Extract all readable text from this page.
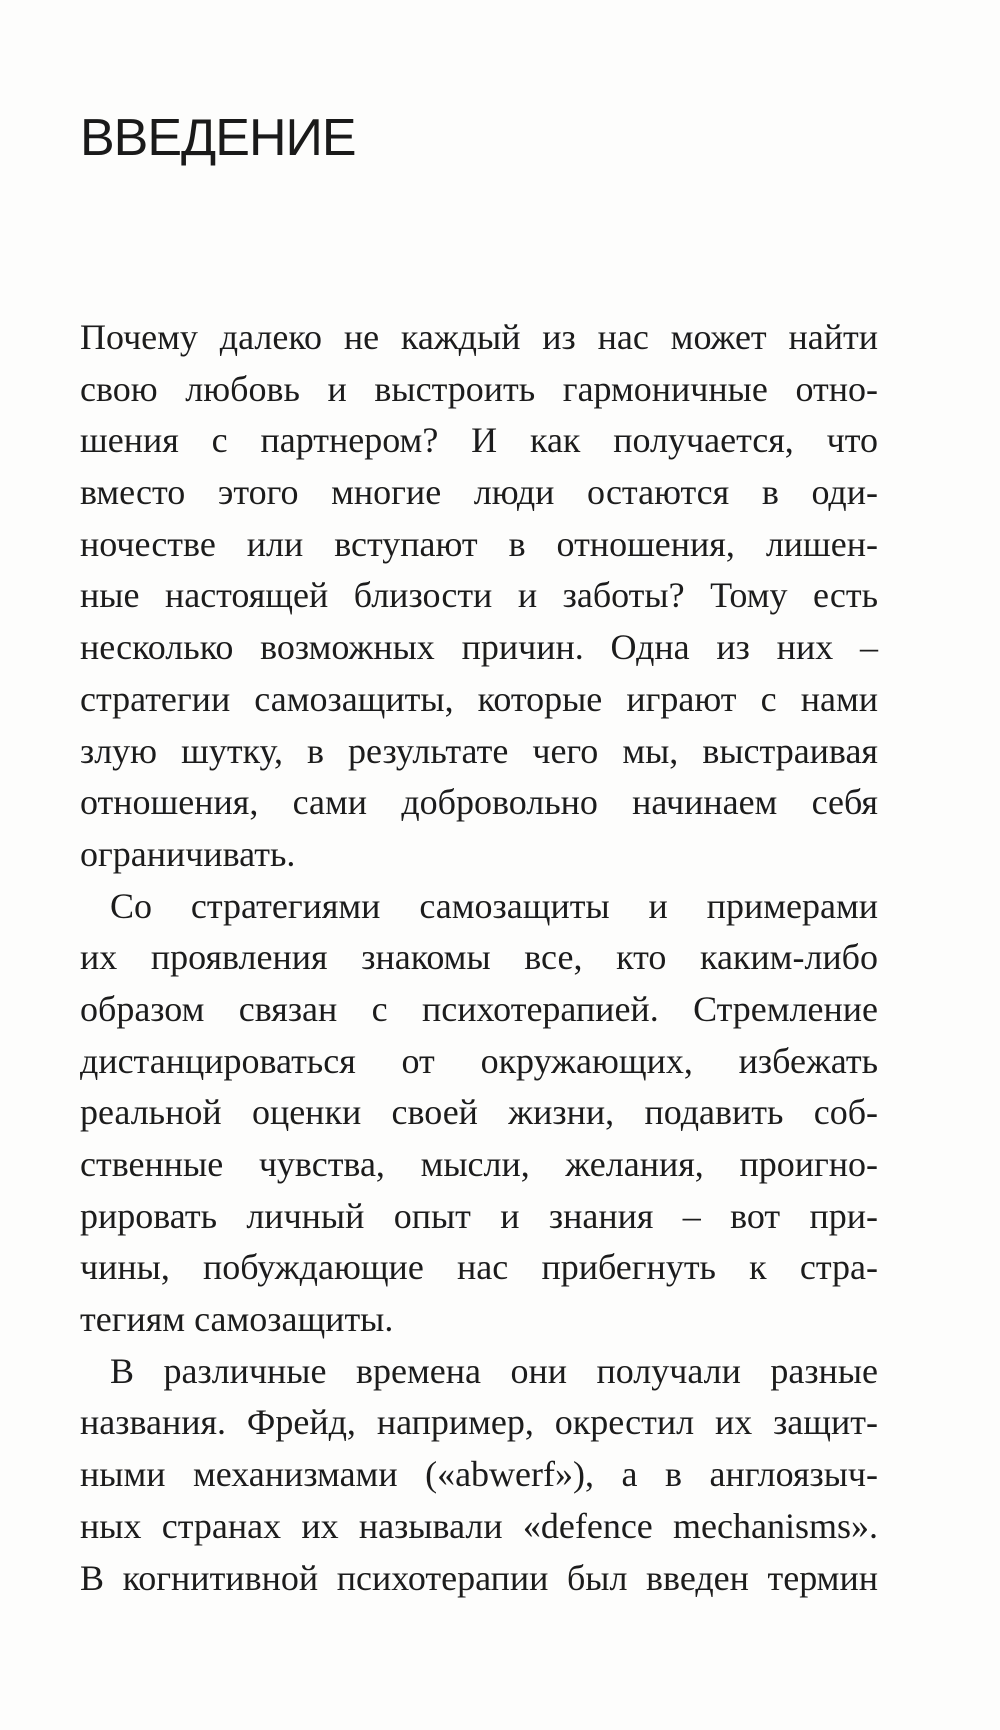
ВВЕДЕНИЕ
Почему далеко не каждый из нас может найти
свою любовь и выстроить гармоничные отно-
шения с партнером? И как получается, что
вместо этого многие люди остаются в оди-
ночестве или вступают в отношения, лишен-
ные настоящей близости и заботы? Тому есть
несколько возможных причин. Одна из них –
стратегии самозащиты, которые играют с нами
злую шутку, в результате чего мы, выстраивая
отношения, сами добровольно начинаем себя
ограничивать.
Со стратегиями самозащиты и примерами
их проявления знакомы все, кто каким-либо
образом связан с психотерапией. Стремление
дистанцироваться от окружающих, избежать
реальной оценки своей жизни, подавить соб-
ственные чувства, мысли, желания, проигно-
рировать личный опыт и знания – вот при-
чины, побуждающие нас прибегнуть к стра-
тегиям самозащиты.
В различные времена они получали разные
названия. Фрейд, например, окрестил их защит-
ными механизмами («abwerf»), а в англоязыч-
ных странах их называли «defence mechanisms».
В когнитивной психотерапии был введен термин
